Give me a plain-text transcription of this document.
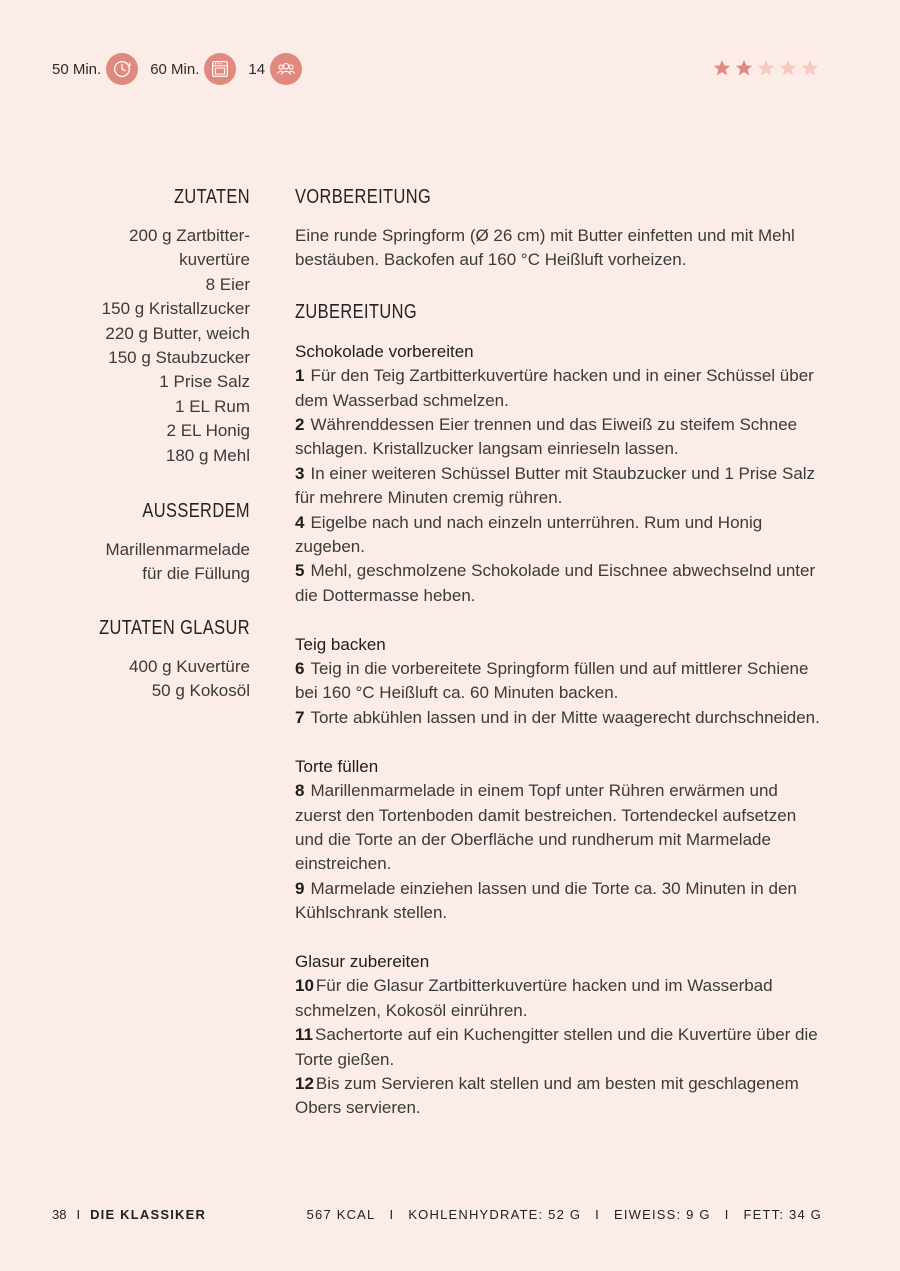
50 Min.	60 Min.	14
ZUTATEN
200 g Zartbitter-
kuvertüre
8 Eier
150 g Kristallzucker
220 g Butter, weich
150 g Staubzucker
1 Prise Salz
1 EL Rum
2 EL Honig
180 g Mehl
AUSSERDEM
Marillenmarmelade
für die Füllung
ZUTATEN GLASUR
400 g Kuvertüre
50 g Kokosöl
VORBEREITUNG
Eine runde Springform (Ø 26 cm) mit Butter einfetten und mit Mehl bestäuben. Backofen auf 160 °C Heißluft vorheizen.
ZUBEREITUNG
Schokolade vorbereiten
1 Für den Teig Zartbitterkuvertüre hacken und in einer Schüssel über dem Wasserbad schmelzen.
2 Währenddessen Eier trennen und das Eiweiß zu steifem Schnee schlagen. Kristallzucker langsam einrieseln lassen.
3 In einer weiteren Schüssel Butter mit Staubzucker und 1 Prise Salz für mehrere Minuten cremig rühren.
4 Eigelbe nach und nach einzeln unterrühren. Rum und Honig zugeben.
5 Mehl, geschmolzene Schokolade und Eischnee abwechselnd unter die Dottermasse heben.
Teig backen
6 Teig in die vorbereitete Springform füllen und auf mittlerer Schiene bei 160 °C Heißluft ca. 60 Minuten backen.
7 Torte abkühlen lassen und in der Mitte waagerecht durchschneiden.
Torte füllen
8 Marillenmarmelade in einem Topf unter Rühren erwärmen und zuerst den Tortenboden damit bestreichen. Tortendeckel aufsetzen und die Torte an der Oberfläche und rundherum mit Marmelade einstreichen.
9 Marmelade einziehen lassen und die Torte ca. 30 Minuten in den Kühlschrank stellen.
Glasur zubereiten
10 Für die Glasur Zartbitterkuvertüre hacken und im Wasserbad schmelzen, Kokosöl einrühren.
11 Sachertorte auf ein Kuchengitter stellen und die Kuvertüre über die Torte gießen.
12 Bis zum Servieren kalt stellen und am besten mit geschlagenem Obers servieren.
38 I DIE KLASSIKER	567 KCAL I KOHLENHYDRATE: 52 G I EIWEISS: 9 G I FETT: 34 G
